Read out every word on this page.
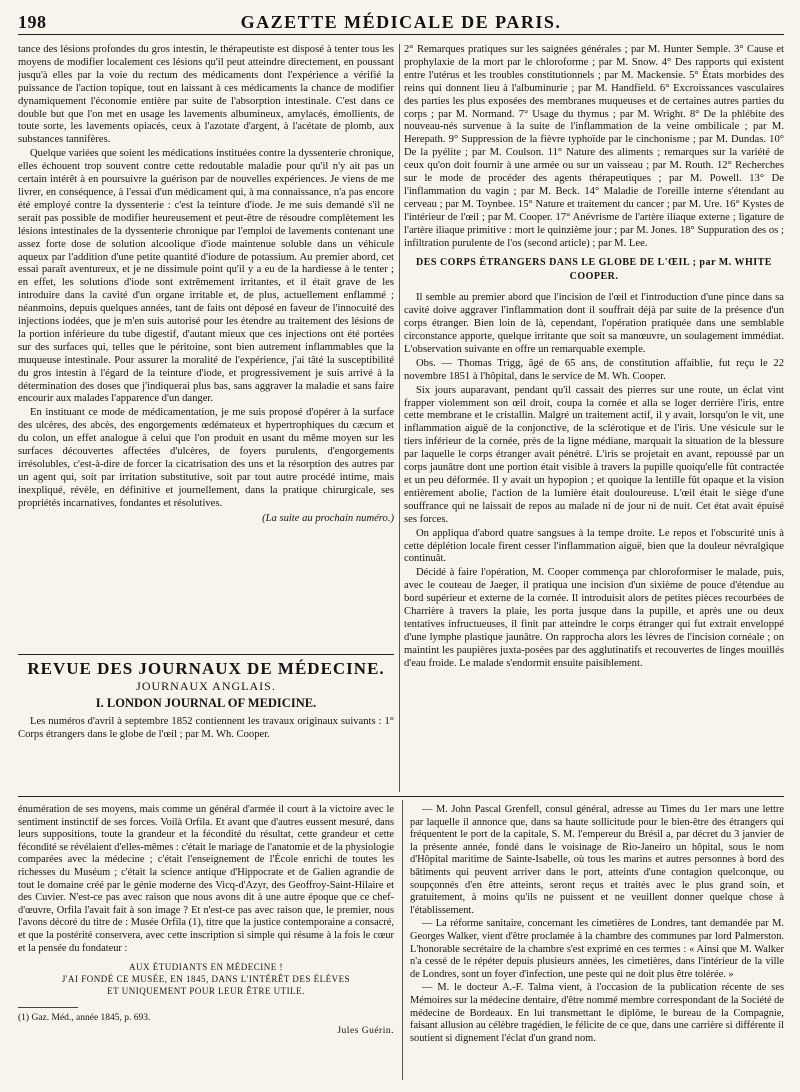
198	GAZETTE MÉDICALE DE PARIS.

tance des lésions profondes du gros intestin, le thérapeutiste est disposé à tenter tous les moyens de modifier localement ces lésions qu'il peut atteindre directement, en poussant jusqu'à elles par la voie du rectum des médicaments dont l'expérience a vérifié la puissance de l'action topique, tout en laissant à ces médicaments la chance de modifier dynamiquement l'économie entière par suite de l'absorption intestinale. C'est dans ce double but que l'on met en usage les lavements albumineux, amylacés, émollients, de toute sorte, les lavements opiacés, ceux à l'azotate d'argent, à l'acétate de plomb, aux substances tannifères.

Quelque variées que soient les médications instituées contre la dyssenterie chronique, elles échouent trop souvent contre cette redoutable maladie pour qu'il n'y ait pas un certain intérêt à en poursuivre la guérison par de nouvelles expériences. Je viens de me livrer, en conséquence, à l'essai d'un médicament qui, à ma connaissance, n'a pas encore été employé contre la dyssenterie : c'est la teinture d'iode. Je me suis demandé s'il ne serait pas possible de modifier heureusement et peut-être de résoudre complètement les lésions intestinales de la dyssenterie chronique par l'emploi de lavements contenant une assez forte dose de solution alcoolique d'iode maintenue soluble dans un véhicule aqueux par l'addition d'une petite quantité d'iodure de potassium. Au premier abord, cet essai paraît aventureux, et je ne dissimule point qu'il y a eu de la hardiesse à le tenter ; en effet, les solutions d'iode sont extrêmement irritantes, et il était grave de les introduire dans la cavité d'un organe irritable et, de plus, actuellement enflammé ; néanmoins, depuis quelques années, tant de faits ont déposé en faveur de l'innocuité des injections iodées, que je m'en suis autorisé pour les étendre au traitement des lésions de la portion inférieure du tube digestif, d'autant mieux que ces injections ont été portées sur des surfaces qui, telles que le péritoine, sont bien autrement inflammables que la muqueuse intestinale. Pour assurer la moralité de l'expérience, j'ai tâté la susceptibilité du gros intestin à l'égard de la teinture d'iode, et progressivement je suis arrivé à la détermination des doses que j'indiquerai plus bas, sans aggraver la maladie et sans faire encourir aux malades l'apparence d'un danger.

En instituant ce mode de médicamentation, je me suis proposé d'opérer à la surface des ulcères, des abcès, des engorgements œdémateux et hypertrophiques du cæcum et du colon, un effet analogue à celui que l'on produit en usant du même moyen sur les surfaces découvertes affectées d'ulcères, de foyers purulents, d'engorgements irrésolubles, c'est-à-dire de forcer la cicatrisation des uns et la résorption des autres par un agent qui, soit par irritation substitutive, soit par tout autre procédé intime, mais inexpliqué, révèle, en définitive et journellement, dans la pratique chirurgicale, ses propriétés incarnatives, fondantes et résolutives.

(La suite au prochain numéro.)
REVUE DES JOURNAUX DE MÉDECINE.
JOURNAUX ANGLAIS.
I. LONDON JOURNAL OF MEDICINE.

Les numéros d'avril à septembre 1852 contiennent les travaux originaux suivants : 1° Corps étrangers dans le globe de l'œil ; par M. Wh. Cooper.

2° Remarques pratiques sur les saignées générales ; par M. Hunter Semple. 3° Cause et prophylaxie de la mort par le chloroforme ; par M. Snow. 4° Des rapports qui existent entre l'utérus et les troubles constitutionnels ; par M. Mackensie. 5° États morbides des reins qui donnent lieu à l'albuminurie ; par M. Handfield. 6° Excroissances vasculaires des parties les plus exposées des membranes muqueuses et de certaines autres parties du corps ; par M. Normand. 7° Usage du thymus ; par M. Wright. 8° De la phlébite des nouveau-nés survenue à la suite de l'inflammation de la veine ombilicale ; par M. Herepath. 9° Suppression de la fièvre typhoïde par le cinchonisme ; par M. Dundas. 10° De la pyélite ; par M. Coulson. 11° Nature des aliments ; remarques sur la variété de ceux qu'on doit fournir à une armée ou sur un vaisseau ; par M. Routh. 12° Recherches sur le mode de procéder des agents thérapeutiques ; par M. Powell. 13° De l'inflammation du vagin ; par M. Beck. 14° Maladie de l'oreille interne s'étendant au cerveau ; par M. Toynbee. 15° Nature et traitement du cancer ; par M. Ure. 16° Kystes de l'intérieur de l'œil ; par M. Cooper. 17° Anévrisme de l'artère iliaque externe ; ligature de l'artère iliaque primitive : mort le quinzième jour ; par M. Jones. 18° Suppuration des os ; infiltration purulente de l'os (second article) ; par M. Lee.

DES CORPS ÉTRANGERS DANS LE GLOBE DE L'ŒIL ; par M. WHITE
COOPER.

Il semble au premier abord que l'incision de l'œil et l'introduction d'une pince dans sa cavité doive aggraver l'inflammation dont il souffrait déjà par suite de la présence d'un corps étranger. Bien loin de là, cependant, l'opération pratiquée dans une semblable circonstance apporte, quelque irritante que soit sa manœuvre, un soulagement immédiat. L'observation suivante en offre un remarquable exemple.

Obs. — Thomas Trigg, âgé de 65 ans, de constitution affaiblie, fut reçu le 22 novembre 1851 à l'hôpital, dans le service de M. Wh. Cooper.

Six jours auparavant, pendant qu'il cassait des pierres sur une route, un éclat vint frapper violemment son œil droit, coupa la cornée et alla se loger derrière l'iris, entre cette membrane et le cristallin. Malgré un traitement actif, il y avait, lorsqu'on le vit, une inflammation aiguë de la conjonctive, de la sclérotique et de l'iris. Une vésicule sur le tiers inférieur de la cornée, près de la ligne médiane, marquait la situation de la blessure par laquelle le corps étranger avait pénétré. L'iris se projetait en avant, repoussé par un corps jaunâtre dont une portion était visible à travers la pupille quoiqu'elle fût contractée et un peu déformée. Il y avait un hypopion ; et quoique la lentille fût opaque et la vision entièrement abolie, l'action de la lumière était douloureuse. L'œil était le siège d'une souffrance qui ne laissait de repos au malade ni de jour ni de nuit. Cet état avait épuisé ses forces.

On appliqua d'abord quatre sangsues à la tempe droite. Le repos et l'obscurité unis à cette déplétion locale firent cesser l'inflammation aiguë, bien que la douleur névralgique continuât.

Décidé à faire l'opération, M. Cooper commença par chloroformiser le malade, puis, avec le couteau de Jaeger, il pratiqua une incision d'un sixième de pouce d'étendue au bord supérieur et externe de la cornée. Il introduisit alors de petites pièces recourbées de Charrière à travers la plaie, les porta jusque dans la pupille, et après une ou deux tentatives infructueuses, il finit par atteindre le corps étranger qui fut extrait enveloppé d'une lymphe plastique jaunâtre. On rapprocha alors les lèvres de l'incision cornéale ; on maintint les paupières juxta-posées par des agglutinatifs et recouvertes de linges mouillés d'eau froide. Le malade s'endormit ensuite paisiblement.

énumération de ses moyens, mais comme un général d'armée il court à la victoire avec le sentiment instinctif de ses forces. Voilà Orfila. Et avant que d'autres eussent mesuré, dans leurs suppositions, toute la grandeur et la fécondité du résultat, cette grandeur et cette fécondité se révélaient d'elles-mêmes : c'était le mariage de l'anatomie et de la physiologie comparées avec la médecine ; c'était l'enseignement de l'École enrichi de toutes les richesses du Muséum ; c'était la science antique d'Hippocrate et de Galien agrandie de tout le domaine créé par le génie moderne des Vicq-d'Azyr, des Geoffroy-Saint-Hilaire et des Cuvier. N'est-ce pas avec raison que nous avons dit à une autre époque que ce chef-d'œuvre, Orfila l'avait fait à son image ? Et n'est-ce pas avec raison que, le premier, nous l'avons décoré du titre de : Musée Orfila (1), titre que la justice contemporaine a consacré, et que la postérité conservera, avec cette inscription si simple qui résume à la fois le cœur et la pensée du fondateur :

AUX ÉTUDIANTS EN MÉDECINE !
J'AI FONDÉ CE MUSÉE, EN 1845, DANS L'INTÉRÊT DES ÉLÈVES
ET UNIQUEMENT POUR LEUR ÊTRE UTILE.
(1) Gaz. Méd., année 1845, p. 693.
Jules Guérin.

— M. John Pascal Grenfell, consul général, adresse au Times du 1er mars une lettre par laquelle il annonce que, dans sa haute sollicitude pour le bien-être des étrangers qui fréquentent le port de la capitale, S. M. l'empereur du Brésil a, par décret du 3 janvier de la présente année, fondé dans le voisinage de Rio-Janeiro un hôpital, sous le nom d'Hôpital maritime de Sainte-Isabelle, où tous les marins et autres personnes à bord des bâtiments qui peuvent arriver dans le port, atteints d'une contagion quelconque, ou soupçonnés d'en être atteints, seront reçus et traités avec le plus grand soin, et gratuitement, à moins qu'ils ne puissent et ne veuillent donner quelque chose à l'établissement.

— La réforme sanitaire, concernant les cimetières de Londres, tant demandée par M. Georges Walker, vient d'être proclamée à la chambre des communes par lord Palmerston. L'honorable secrétaire de la chambre s'est exprimé en ces termes : « Ainsi que M. Walker n'a cessé de le répéter depuis plusieurs années, les cimetières, dans l'intérieur de la ville de Londres, sont un foyer d'infection, une peste qui ne doit plus être tolérée. »

— M. le docteur A.-F. Talma vient, à l'occasion de la publication récente de ses Mémoires sur la médecine dentaire, d'être nommé membre correspondant de la Société de médecine de Bordeaux. En lui transmettant le diplôme, le bureau de la Compagnie, faisant allusion au célèbre tragédien, le félicite de ce que, dans une carrière si différente il soutient si dignement l'éclat d'un grand nom.
